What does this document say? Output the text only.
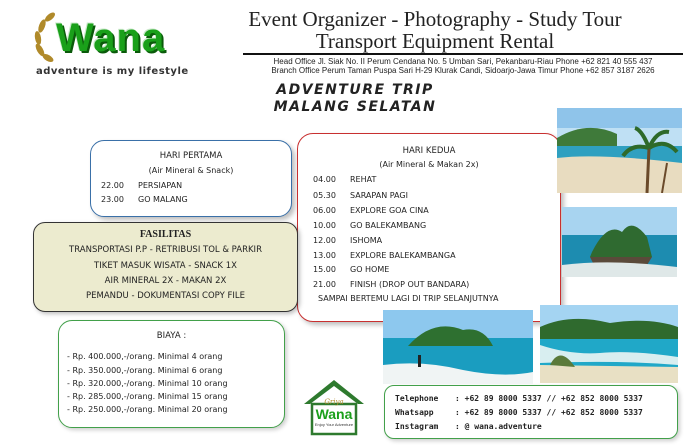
Wana
adventure is my lifestyle
Event Organizer - Photography - Study Tour
Transport Equipment Rental
Head Office Jl. Siak No. II Perum Cendana No. 5 Umban Sari, Pekanbaru-Riau Phone +62 821 40 555 437
Branch Office Perum Taman Puspa Sari H-29 Klurak Candi, Sidoarjo-Jawa Timur Phone +62 857 3187 2626
ADVENTURE TRIP
MALANG SELATAN
HARI PERTAMA
(Air Mineral & Snack)
22.00 PERSIAPAN
23.00 GO MALANG
HARI KEDUA
(Air Mineral & Makan 2x)
04.00 REHAT
05.30 SARAPAN PAGI
06.00 EXPLORE GOA CINA
10.00 GO BALEKAMBANG
12.00 ISHOMA
13.00 EXPLORE BALEKAMBANGA
15.00 GO HOME
21.00 FINISH (DROP OUT BANDARA)
SAMPAI BERTEMU LAGI DI TRIP SELANJUTNYA
FASILITAS
TRANSPORTASI P.P - RETRIBUSI TOL & PARKIR
TIKET MASUK WISATA - SNACK 1X
AIR MINERAL 2X - MAKAN 2X
PEMANDU - DOKUMENTASI COPY FILE
BIAYA :
- Rp. 400.000,-/orang. Minimal 4 orang
- Rp. 350.000,-/orang. Minimal 6 orang
- Rp. 320.000,-/orang. Minimal 10 orang
- Rp. 285.000,-/orang. Minimal 15 orang
- Rp. 250.000,-/orang. Minimal 20 orang
Griya
Wana
Enjoy Your Adventure
Telephone : +62 89 8000 5337 // +62 852 8000 5337
Whatsapp	: +62 89 8000 5337 // +62 852 8000 5337
Instagram : @ wana.adventure
